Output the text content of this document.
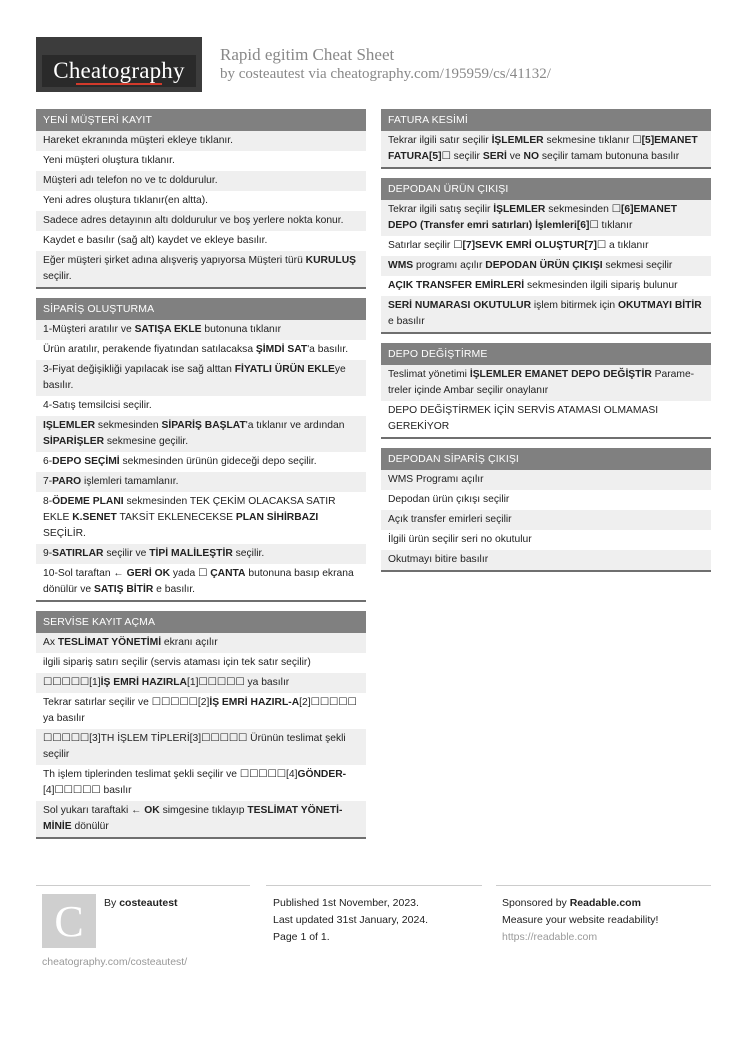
Cheatography
Rapid egitim Cheat Sheet
by costeautest via cheatography.com/195959/cs/41132/
YENİ MÜŞTERİ KAYIT
Hareket ekranında müşteri ekleye tıklanır.
Yeni müşteri oluştura tıklanır.
Müşteri adı telefon no ve tc doldurulur.
Yeni adres oluştura tıklanır(en altta).
Sadece adres detayının altı doldurulur ve boş yerlere nokta konur.
Kaydet e basılır (sağ alt) kaydet ve ekleye basılır.
Eğer müşteri şirket adına alışveriş yapıyorsa Müşteri türü KURULUŞ seçilir.
SİPARİŞ OLUŞTURMA
1-Müşteri aratılır ve SATIŞA EKLE butonuna tıklanır
Ürün aratılır, perakende fiyatından satılacaksa ŞİMDİ SAT'a basılır.
3-Fiyat değişikliği yapılacak ise sağ alttan FİYATLI ÜRÜN EKLEye basılır.
4-Satış temsilcisi seçilir.
IŞLEMLER sekmesinden SİPARİŞ BAŞLAT'a tıklanır ve ardından SİPARİŞLER sekmesine geçilir.
6-DEPO SEÇİMİ sekmesinden ürünün gideceği depo seçilir.
7-PARO işlemleri tamamlanır.
8-ÖDEME PLANI sekmesinden TEK ÇEKİM OLACAKSA SATIR EKLE K.SENET TAKSİT EKLENECEKSE PLAN SİHİRBAZI SEÇİLİR.
9-SATIRLAR seçilir ve TİPİ MALİLEŞTİR seçilir.
10-Sol taraftan ← GERİ OK yada ☐ ÇANTA butonuna basıp ekrana dönülür ve SATIŞ BİTİR e basılır.
SERVİSE KAYIT AÇMA
Ax TESLİMAT YÖNETİMİ ekranı açılır
ilgili sipariş satırı seçilir (servis ataması için tek satır seçilir)
☐☐☐☐☐[1]İŞ EMRİ HAZIRLA[1]☐☐☐☐☐ ya basılır
Tekrar satırlar seçilir ve ☐☐☐☐☐[2]İŞ EMRİ HAZIRL-A[2]☐☐☐☐☐ ya basılır
☐☐☐☐☐[3]TH İŞLEM TİPLERİ[3]☐☐☐☐☐ Ürünün teslimat şekli seçilir
Th işlem tiplerinden teslimat şekli seçilir ve ☐☐☐☐☐[4]GÖNDER-[4]☐☐☐☐☐ basılır
Sol yukarı taraftaki ← OK simgesine tıklayıp TESLİMAT YÖNETİ-MİNİE dönülür
FATURA KESİMİ
Tekrar ilgili satır seçilir İŞLEMLER sekmesine tıklanır ☐[5]EMANET FATURA[5]☐ seçilir SERİ ve NO seçilir tamam butonuna basılır
DEPODAN ÜRÜN ÇIKIŞI
Tekrar ilgili satış seçilir İŞLEMLER sekmesinden ☐[6]EMANET DEPO (Transfer emri satırları) İşlemleri[6]☐ tıklanır
Satırlar seçilir ☐[7]SEVK EMRİ OLUŞTUR[7]☐ a tıklanır
WMS programı açılır DEPODAN ÜRÜN ÇIKIŞI sekmesi seçilir
AÇIK TRANSFER EMİRLERİ sekmesinden ilgili sipariş bulunur
SERİ NUMARASI OKUTULUR işlem bitirmek için OKUTMAYI BİTİR e basılır
DEPO DEĞİŞTİRME
Teslimat yönetimi İŞLEMLER EMANET DEPO DEĞİŞTİR Parame-treler içinde Ambar seçilir onaylanır
DEPO DEĞİŞTİRMEK İÇİN SERVİS ATAMASI OLMAMASI GEREKİYOR
DEPODAN SİPARİŞ ÇIKIŞI
WMS Programı açılır
Depodan ürün çıkışı seçilir
Açık transfer emirleri seçilir
İlgili ürün seçilir seri no okutulur
Okutmayı bitire basılır
C By costeautest
cheatography.com/costeautest/
Published 1st November, 2023.
Last updated 31st January, 2024.
Page 1 of 1.
Sponsored by Readable.com
Measure your website readability!
https://readable.com
